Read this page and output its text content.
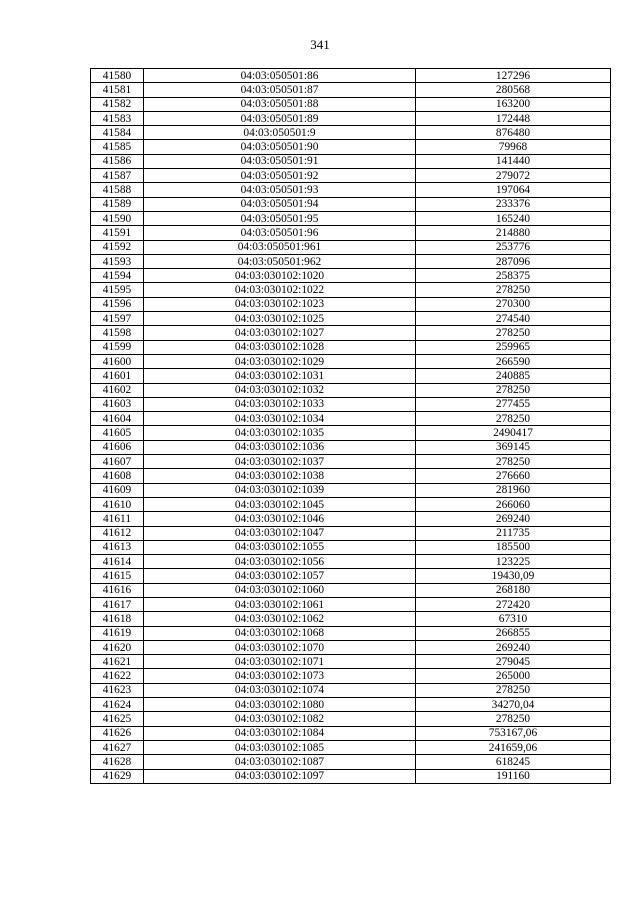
341
41580	04:03:050501:86	127296
41581	04:03:050501:87	280568
41582	04:03:050501:88	163200
41583	04:03:050501:89	172448
41584	04:03:050501:9	876480
41585	04:03:050501:90	79968
41586	04:03:050501:91	141440
41587	04:03:050501:92	279072
41588	04:03:050501:93	197064
41589	04:03:050501:94	233376
41590	04:03:050501:95	165240
41591	04:03:050501:96	214880
41592	04:03:050501:961	253776
41593	04:03:050501:962	287096
41594	04:03:030102:1020	258375
41595	04:03:030102:1022	278250
41596	04:03:030102:1023	270300
41597	04:03:030102:1025	274540
41598	04:03:030102:1027	278250
41599	04:03:030102:1028	259965
41600	04:03:030102:1029	266590
41601	04:03:030102:1031	240885
41602	04:03:030102:1032	278250
41603	04:03:030102:1033	277455
41604	04:03:030102:1034	278250
41605	04:03:030102:1035	2490417
41606	04:03:030102:1036	369145
41607	04:03:030102:1037	278250
41608	04:03:030102:1038	276660
41609	04:03:030102:1039	281960
41610	04:03:030102:1045	266060
41611	04:03:030102:1046	269240
41612	04:03:030102:1047	211735
41613	04:03:030102:1055	185500
41614	04:03:030102:1056	123225
41615	04:03:030102:1057	19430,09
41616	04:03:030102:1060	268180
41617	04:03:030102:1061	272420
41618	04:03:030102:1062	67310
41619	04:03:030102:1068	266855
41620	04:03:030102:1070	269240
41621	04:03:030102:1071	279045
41622	04:03:030102:1073	265000
41623	04:03:030102:1074	278250
41624	04:03:030102:1080	34270,04
41625	04:03:030102:1082	278250
41626	04:03:030102:1084	753167,06
41627	04:03:030102:1085	241659,06
41628	04:03:030102:1087	618245
41629	04:03:030102:1097	191160
